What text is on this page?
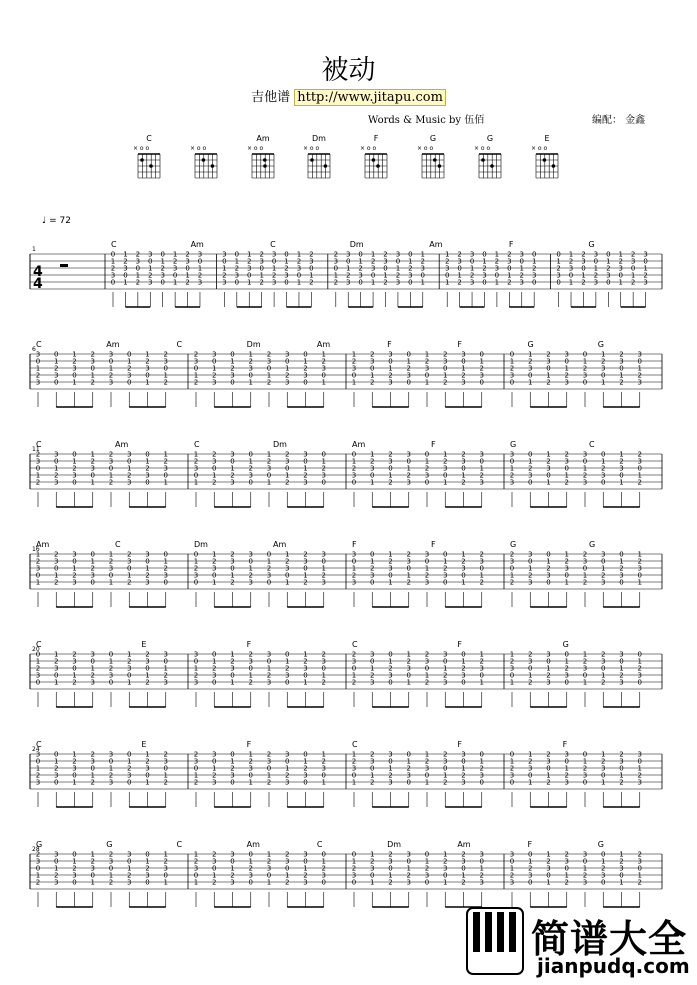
被动
吉他谱 http://www.jitapu.com
Words & Music by 伍佰	编配： 金鑫
C
× o o	× o o
Am
× o o
Dm
× o o
F
× o o
G
× o o
G
× o o
E
× o o
♩ = 72
1
4
4
0
1
2
3
0
1
2
3
0
1
2
3
0
1
2
3
0
1
2
3
0
1
2
3
0
1
2
3
0
1
2
3
0
1
2
3
0
1
2
3
3
0
1
2
3
0
1
2
3
0
1
2
3
0
1
2
3
0
1
2
3
0
1
2
3
0
1
2
3
0
1
2
3
0
1
2
3
0
1
2
2
3
0
1
2
3
0
1
2
3
0
1
2
3
0
1
2
3
0
1
2
3
0
1
2
3
0
1
2
3
0
1
2
3
0
1
2
3
0
1
1
2
3
0
1
2
3
0
1
2
3
0
1
2
3
0
1
2
3
0
1
2
3
0
1
2
3
0
1
2
3
0
1
2
3
0
1
2
3
0
0
1
2
3
0
1
2
3
0
1
2
3
0
1
2
3
0
1
2
3
0
1
2
3
0
1
2
3
0
1
2
3
0
1
2
3
0
1
2
3
C	Am	C	Dm	Am	F	G
6
3
0
1
2
3
0
1
2
3
0
1
2
3
0
1
2
3
0
1
2
3
0
1
2
3
0
1
2
3
0
1
2
3
0
1
2
3
0
1
2
2
3
0
1
2
3
0
1
2
3
0
1
2
3
0
1
2
3
0
1
2
3
0
1
2
3
0
1
2
3
0
1
2
3
0
1
2
3
0
1
1
2
3
0
1
2
3
0
1
2
3
0
1
2
3
0
1
2
3
0
1
2
3
0
1
2
3
0
1
2
3
0
1
2
3
0
1
2
3
0
0
1
2
3
0
1
2
3
0
1
2
3
0
1
2
3
0
1
2
3
0
1
2
3
0
1
2
3
0
1
2
3
0
1
2
3
0
1
2
3
C	Am	C	Dm	Am	F	F	G	G
11
2
3
0
1
2
3
0
1
2
3
0
1
2
3
0
1
2
3
0
1
2
3
0
1
2
3
0
1
2
3
0
1
2
3
0
1
2
3
0
1
1
2
3
0
1
2
3
0
1
2
3
0
1
2
3
0
1
2
3
0
1
2
3
0
1
2
3
0
1
2
3
0
1
2
3
0
1
2
3
0
0
1
2
3
0
1
2
3
0
1
2
3
0
1
2
3
0
1
2
3
0
1
2
3
0
1
2
3
0
1
2
3
0
1
2
3
0
1
2
3
3
0
1
2
3
0
1
2
3
0
1
2
3
0
1
2
3
0
1
2
3
0
1
2
3
0
1
2
3
0
1
2
3
0
1
2
3
0
1
2
C	Am	C	Dm	Am	F	G	C
16
1
2
3
0
1
2
3
0
1
2
3
0
1
2
3
0
1
2
3
0
1
2
3
0
1
2
3
0
1
2
3
0
1
2
3
0
1
2
3
0
0
1
2
3
0
1
2
3
0
1
2
3
0
1
2
3
0
1
2
3
0
1
2
3
0
1
2
3
0
1
2
3
0
1
2
3
0
1
2
3
3
0
1
2
3
0
1
2
3
0
1
2
3
0
1
2
3
0
1
2
3
0
1
2
3
0
1
2
3
0
1
2
3
0
1
2
3
0
1
2
2
3
0
1
2
3
0
1
2
3
0
1
2
3
0
1
2
3
0
1
2
3
0
1
2
3
0
1
2
3
0
1
2
3
0
1
2
3
0
1
Am	C	Dm	Am	F	F	G	G
20
0
1
2
3
0
1
2
3
0
1
2
3
0
1
2
3
0
1
2
3
0
1
2
3
0
1
2
3
0
1
2
3
0
1
2
3
0
1
2
3
3
0
1
2
3
0
1
2
3
0
1
2
3
0
1
2
3
0
1
2
3
0
1
2
3
0
1
2
3
0
1
2
3
0
1
2
3
0
1
2
2
3
0
1
2
3
0
1
2
3
0
1
2
3
0
1
2
3
0
1
2
3
0
1
2
3
0
1
2
3
0
1
2
3
0
1
2
3
0
1
1
2
3
0
1
2
3
0
1
2
3
0
1
2
3
0
1
2
3
0
1
2
3
0
1
2
3
0
1
2
3
0
1
2
3
0
1
2
3
0
C	E	F	C	F	G
24
3
0
1
2
3
0
1
2
3
0
1
2
3
0
1
2
3
0
1
2
3
0
1
2
3
0
1
2
3
0
1
2
3
0
1
2
3
0
1
2
2
3
0
1
2
3
0
1
2
3
0
1
2
3
0
1
2
3
0
1
2
3
0
1
2
3
0
1
2
3
0
1
2
3
0
1
2
3
0
1
1
2
3
0
1
2
3
0
1
2
3
0
1
2
3
0
1
2
3
0
1
2
3
0
1
2
3
0
1
2
3
0
1
2
3
0
1
2
3
0
0
1
2
3
0
1
2
3
0
1
2
3
0
1
2
3
0
1
2
3
0
1
2
3
0
1
2
3
0
1
2
3
0
1
2
3
0
1
2
3
C	E	F	C	F	F
28
2
3
0
1
2
3
0
1
2
3
0
1
2
3
0
1
2
3
0
1
2
3
0
1
2
3
0
1
2
3
0
1
2
3
0
1
2
3
0
1
1
2
3
0
1
2
3
0
1
2
3
0
1
2
3
0
1
2
3
0
1
2
3
0
1
2
3
0
1
2
3
0
1
2
3
0
1
2
3
0
0
1
2
3
0
1
2
3
0
1
2
3
0
1
2
3
0
1
2
3
0
1
2
3
0
1
2
3
0
1
2
3
0
1
2
3
0
1
2
3
3
0
1
2
3
0
1
2
3
0
1
2
3
0
1
2
3
0
1
2
3
0
1
2
3
0
1
2
3
0
1
2
3
0
1
2
3
0
1
2
G	G	C	Am	C	Dm	Am	F	G
简谱大全
jianpudq.com
